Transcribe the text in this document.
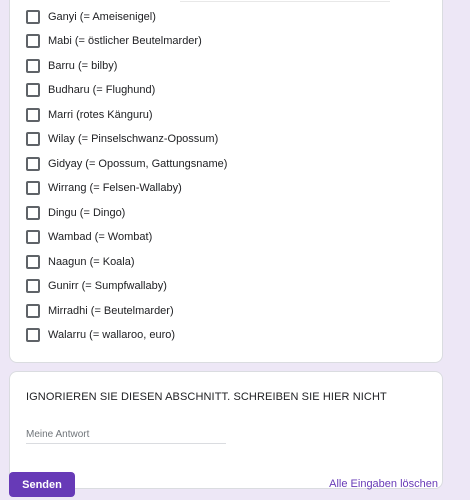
Ganyi (= Ameisenigel)
Mabi (= östlicher Beutelmarder)
Barru (= bilby)
Budharu (= Flughund)
Marri (rotes Känguru)
Wilay (= Pinselschwanz-Opossum)
Gidyay (= Opossum, Gattungsname)
Wirrang (= Felsen-Wallaby)
Dingu (= Dingo)
Wambad (= Wombat)
Naagun (= Koala)
Gunirr (= Sumpfwallaby)
Mirradhi (= Beutelmarder)
Walarru (= wallaroo, euro)
IGNORIEREN SIE DIESEN ABSCHNITT. SCHREIBEN SIE HIER NICHT
Meine Antwort
Senden	Alle Eingaben löschen
